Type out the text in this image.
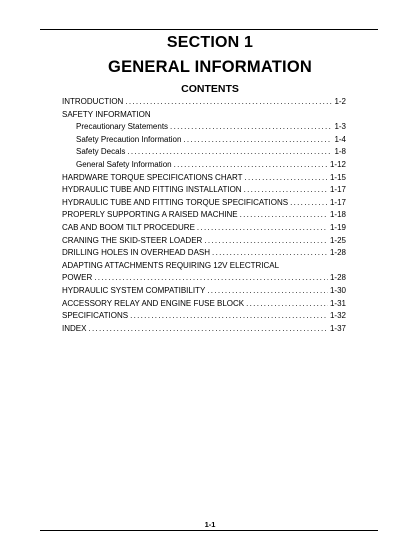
SECTION 1
GENERAL INFORMATION
CONTENTS
INTRODUCTION .....	1-2
SAFETY INFORMATION
Precautionary Statements .....	1-3
Safety Precaution Information .....	1-4
Safety Decals .....	1-8
General Safety Information .....	1-12
HARDWARE TORQUE SPECIFICATIONS CHART .....	1-15
HYDRAULIC TUBE AND FITTING INSTALLATION .....	1-17
HYDRAULIC TUBE AND FITTING TORQUE SPECIFICATIONS .....	1-17
PROPERLY SUPPORTING A RAISED MACHINE .....	1-18
CAB AND BOOM TILT PROCEDURE .....	1-19
CRANING THE SKID-STEER LOADER .....	1-25
DRILLING HOLES IN OVERHEAD DASH .....	1-28
ADAPTING ATTACHMENTS REQUIRING 12V ELECTRICAL
POWER .....	1-28
HYDRAULIC SYSTEM COMPATIBILITY .....	1-30
ACCESSORY RELAY AND ENGINE FUSE BLOCK .....	1-31
SPECIFICATIONS .....	1-32
INDEX .....	1-37
1-1
